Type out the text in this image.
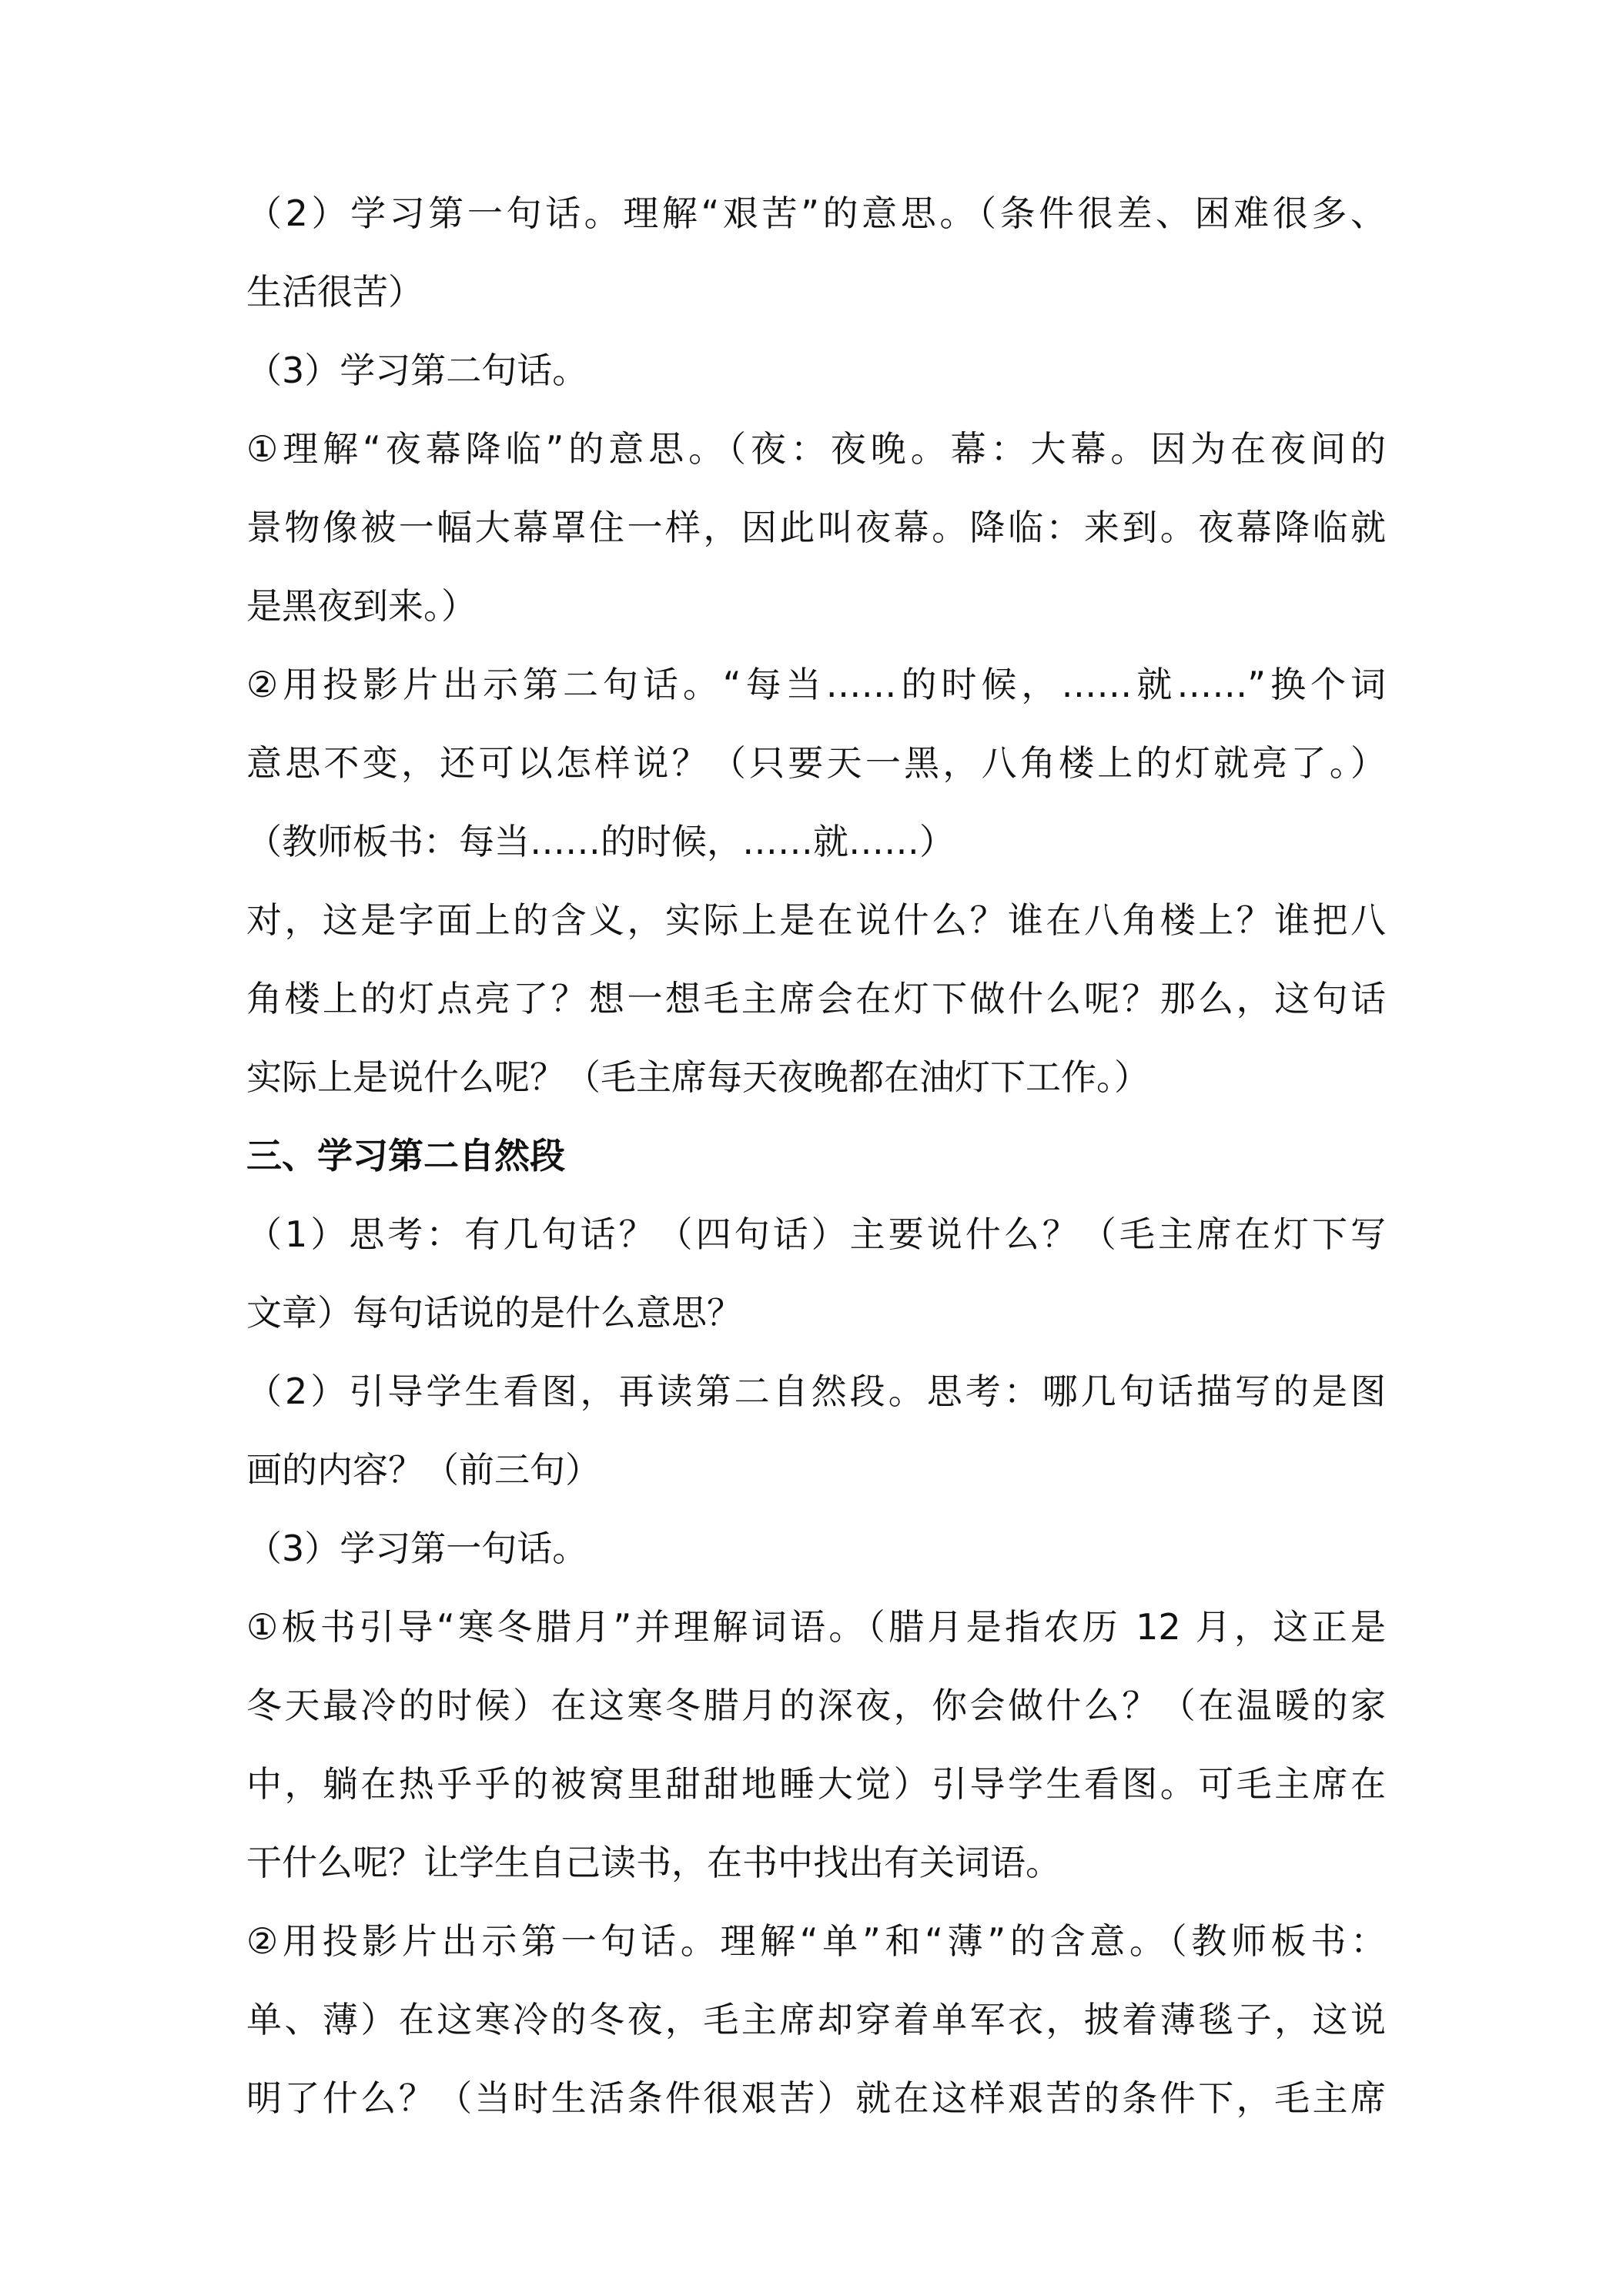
（2）学习第一句话。理解“艰苦”的意思。（条件很差、困难很多、
生活很苦）
（3）学习第二句话。
①理解“夜幕降临”的意思。（夜：夜晚。幕：大幕。因为在夜间的
景物像被一幅大幕罩住一样，因此叫夜幕。降临：来到。夜幕降临就
是黑夜到来。）
②用投影片出示第二句话。“每当……的时候，……就……”换个词
意思不变，还可以怎样说？（只要天一黑，八角楼上的灯就亮了。）
（教师板书：每当……的时候，……就……）
对，这是字面上的含义，实际上是在说什么？谁在八角楼上？谁把八
角楼上的灯点亮了？想一想毛主席会在灯下做什么呢？那么，这句话
实际上是说什么呢？（毛主席每天夜晚都在油灯下工作。）
三、学习第二自然段
（1）思考：有几句话？（四句话）主要说什么？（毛主席在灯下写
文章）每句话说的是什么意思？
（2）引导学生看图，再读第二自然段。思考：哪几句话描写的是图
画的内容？（前三句）
（3）学习第一句话。
①板书引导“寒冬腊月”并理解词语。（腊月是指农历 12 月，这正是
冬天最冷的时候）在这寒冬腊月的深夜，你会做什么？（在温暖的家
中，躺在热乎乎的被窝里甜甜地睡大觉）引导学生看图。可毛主席在
干什么呢？让学生自己读书，在书中找出有关词语。
②用投影片出示第一句话。理解“单”和“薄”的含意。（教师板书：
单、薄）在这寒冷的冬夜，毛主席却穿着单军衣，披着薄毯子，这说
明了什么？（当时生活条件很艰苦）就在这样艰苦的条件下，毛主席
